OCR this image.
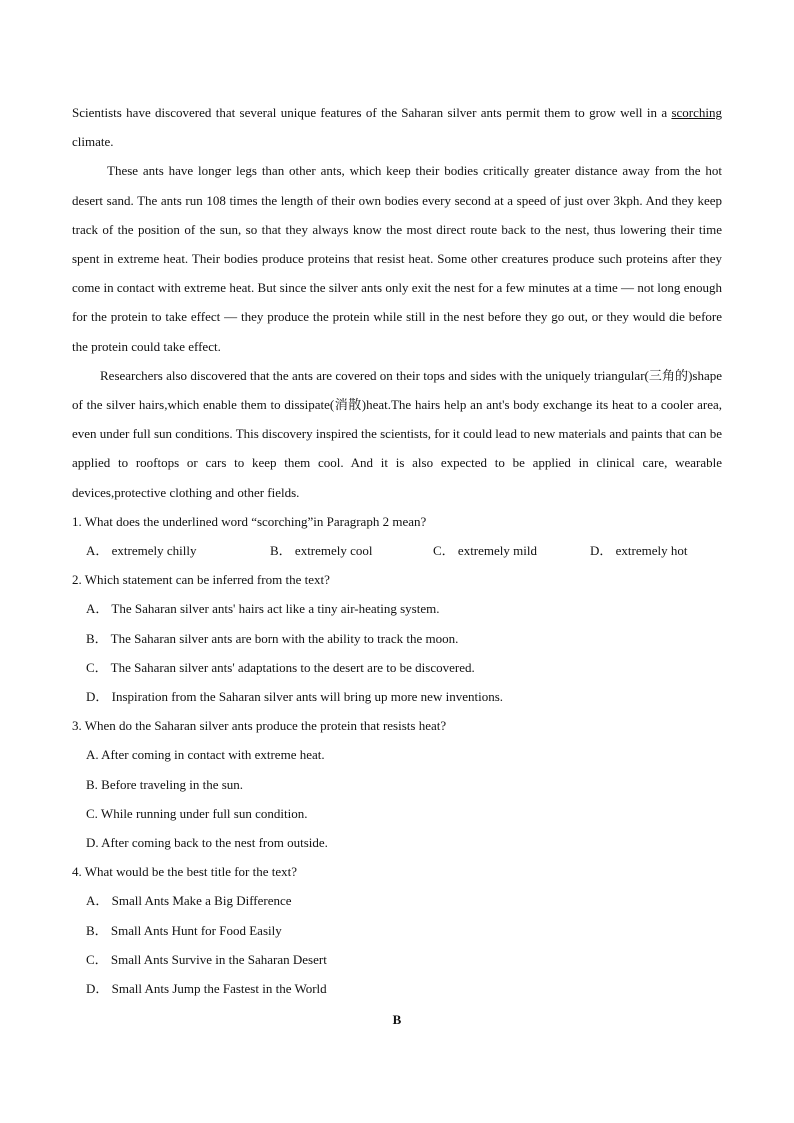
Scientists have discovered that several unique features of the Saharan silver ants permit them to grow well in a scorching climate.

These ants have longer legs than other ants, which keep their bodies critically greater distance away from the hot desert sand. The ants run 108 times the length of their own bodies every second at a speed of just over 3kph. And they keep track of the position of the sun, so that they always know the most direct route back to the nest, thus lowering their time spent in extreme heat. Their bodies produce proteins that resist heat. Some other creatures produce such proteins after they come in contact with extreme heat. But since the silver ants only exit the nest for a few minutes at a time — not long enough for the protein to take effect — they produce the protein while still in the nest before they go out, or they would die before the protein could take effect.

Researchers also discovered that the ants are covered on their tops and sides with the uniquely triangular(三角的)shape of the silver hairs,which enable them to dissipate(消散)heat.The hairs help an ant's body exchange its heat to a cooler area, even under full sun conditions. This discovery inspired the scientists, for it could lead to new materials and paints that can be applied to rooftops or cars to keep them cool. And it is also expected to be applied in clinical care, wearable devices,protective clothing and other fields.

1. What does the underlined word “scorching”in Paragraph 2 mean?

A． extremely chilly	B． extremely cool	C． extremely mild	D． extremely hot

2. Which statement can be inferred from the text?

A． The Saharan silver ants' hairs act like a tiny air-heating system.

B． The Saharan silver ants are born with the ability to track the moon.

C． The Saharan silver ants' adaptations to the desert are to be discovered.

D． Inspiration from the Saharan silver ants will bring up more new inventions.

3. When do the Saharan silver ants produce the protein that resists heat?

A. After coming in contact with extreme heat.

B. Before traveling in the sun.

C. While running under full sun condition.

D. After coming back to the nest from outside.

4. What would be the best title for the text?

A． Small Ants Make a Big Difference

B． Small Ants Hunt for Food Easily

C． Small Ants Survive in the Saharan Desert

D． Small Ants Jump the Fastest in the World

B
